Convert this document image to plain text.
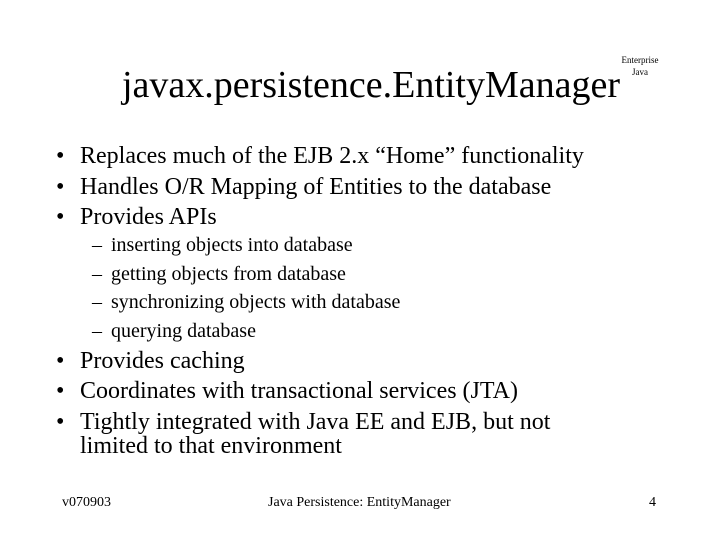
javax.persistence.EntityManager
Enterprise
Java
• Replaces much of the EJB 2.x “Home” functionality
• Handles O/R Mapping of Entities to the database
• Provides APIs
– inserting objects into database
– getting objects from database
– synchronizing objects with database
– querying database
• Provides caching
• Coordinates with transactional services (JTA)
• Tightly integrated with Java EE and EJB, but not
limited to that environment
v070903	Java Persistence: EntityManager	4
